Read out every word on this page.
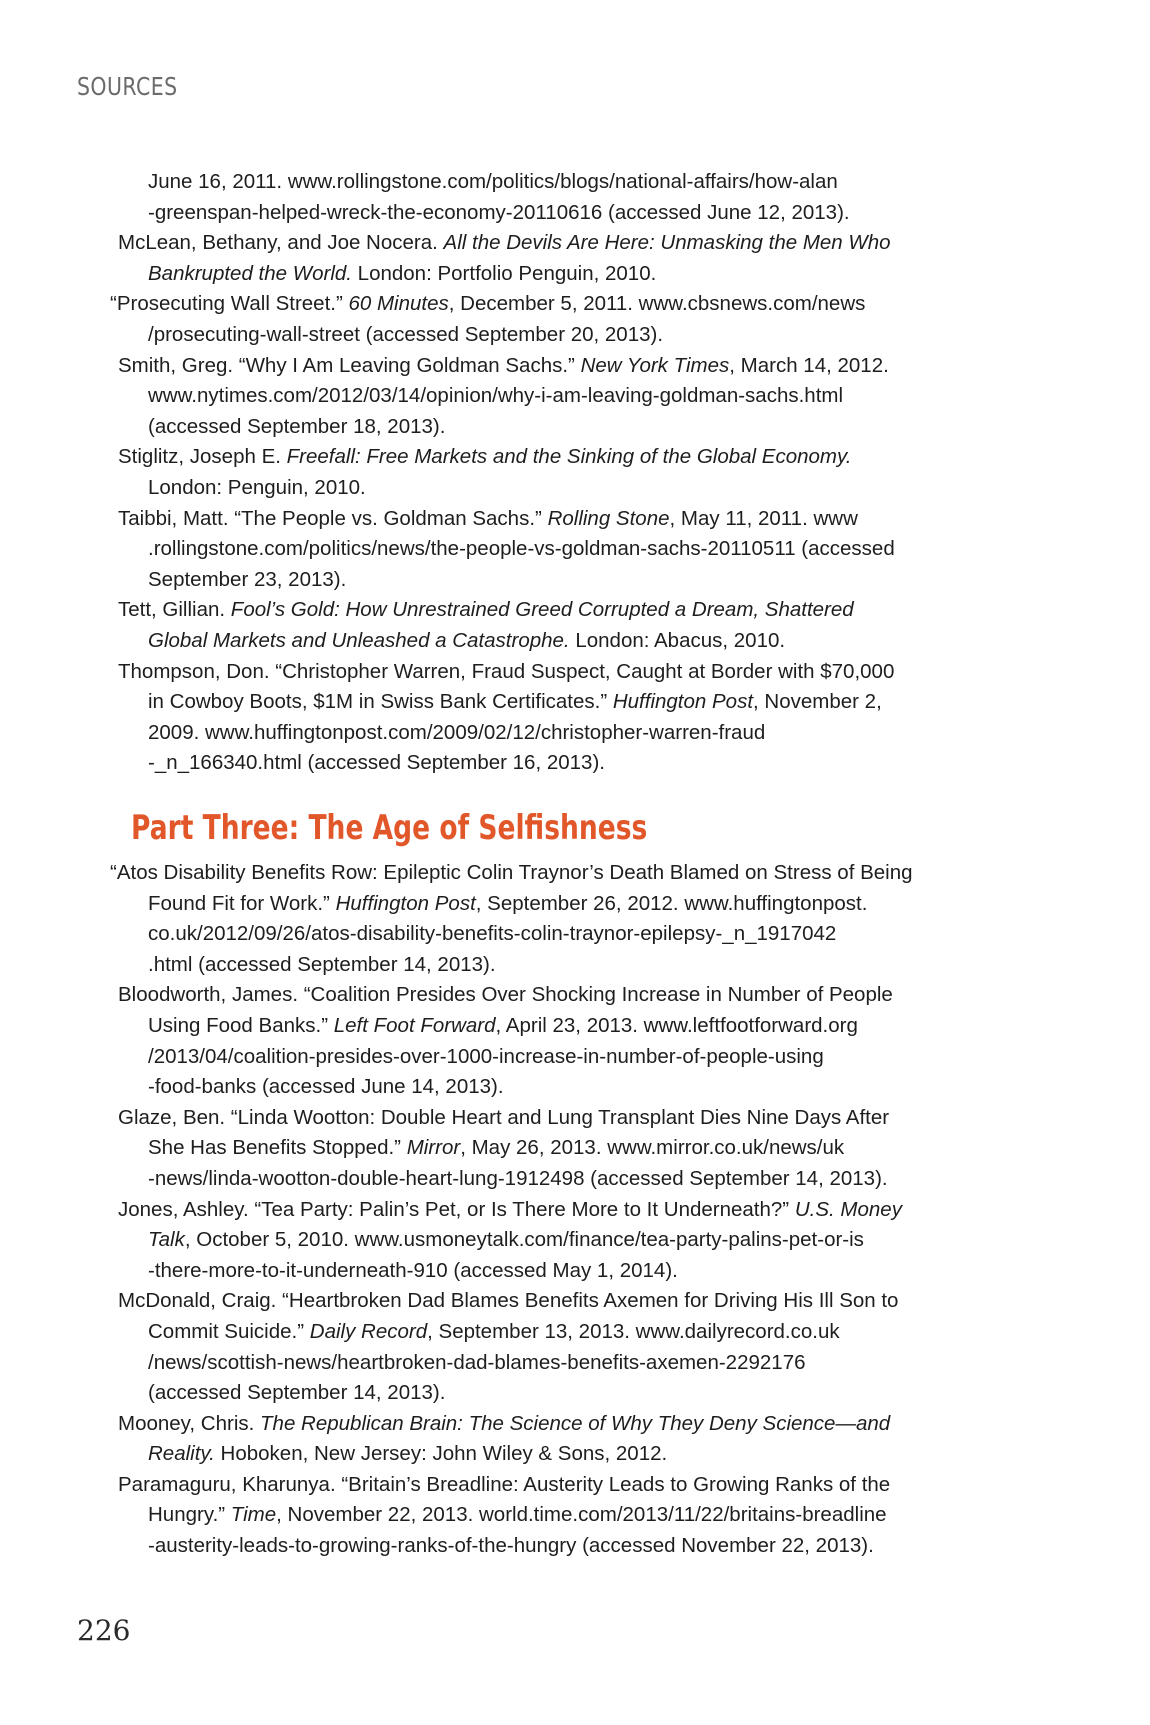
SOURCES
June 16, 2011. www.rollingstone.com/politics/blogs/national-affairs/how-alan
-greenspan-helped-wreck-the-economy-20110616 (accessed June 12, 2013).
McLean, Bethany, and Joe Nocera. All the Devils Are Here: Unmasking the Men Who
Bankrupted the World. London: Portfolio Penguin, 2010.
“Prosecuting Wall Street.” 60 Minutes, December 5, 2011. www.cbsnews.com/news
/prosecuting-wall-street (accessed September 20, 2013).
Smith, Greg. “Why I Am Leaving Goldman Sachs.” New York Times, March 14, 2012.
www.nytimes.com/2012/03/14/opinion/why-i-am-leaving-goldman-sachs.html
(accessed September 18, 2013).
Stiglitz, Joseph E. Freefall: Free Markets and the Sinking of the Global Economy.
London: Penguin, 2010.
Taibbi, Matt. “The People vs. Goldman Sachs.” Rolling Stone, May 11, 2011. www
.rollingstone.com/politics/news/the-people-vs-goldman-sachs-20110511 (accessed
September 23, 2013).
Tett, Gillian. Fool’s Gold: How Unrestrained Greed Corrupted a Dream, Shattered
Global Markets and Unleashed a Catastrophe. London: Abacus, 2010.
Thompson, Don. “Christopher Warren, Fraud Suspect, Caught at Border with $70,000
in Cowboy Boots, $1M in Swiss Bank Certificates.” Huffington Post, November 2,
2009. www.huffingtonpost.com/2009/02/12/christopher-warren-fraud
-_n_166340.html (accessed September 16, 2013).
Part Three: The Age of Selfishness
“Atos Disability Benefits Row: Epileptic Colin Traynor’s Death Blamed on Stress of Being
Found Fit for Work.” Huffington Post, September 26, 2012. www.huffingtonpost.
co.uk/2012/09/26/atos-disability-benefits-colin-traynor-epilepsy-_n_1917042
.html (accessed September 14, 2013).
Bloodworth, James. “Coalition Presides Over Shocking Increase in Number of People
Using Food Banks.” Left Foot Forward, April 23, 2013. www.leftfootforward.org
/2013/04/coalition-presides-over-1000-increase-in-number-of-people-using
-food-banks (accessed June 14, 2013).
Glaze, Ben. “Linda Wootton: Double Heart and Lung Transplant Dies Nine Days After
She Has Benefits Stopped.” Mirror, May 26, 2013. www.mirror.co.uk/news/uk
-news/linda-wootton-double-heart-lung-1912498 (accessed September 14, 2013).
Jones, Ashley. “Tea Party: Palin’s Pet, or Is There More to It Underneath?” U.S. Money
Talk, October 5, 2010. www.usmoneytalk.com/finance/tea-party-palins-pet-or-is
-there-more-to-it-underneath-910 (accessed May 1, 2014).
McDonald, Craig. “Heartbroken Dad Blames Benefits Axemen for Driving His Ill Son to
Commit Suicide.” Daily Record, September 13, 2013. www.dailyrecord.co.uk
/news/scottish-news/heartbroken-dad-blames-benefits-axemen-2292176
(accessed September 14, 2013).
Mooney, Chris. The Republican Brain: The Science of Why They Deny Science—and
Reality. Hoboken, New Jersey: John Wiley & Sons, 2012.
Paramaguru, Kharunya. “Britain’s Breadline: Austerity Leads to Growing Ranks of the
Hungry.” Time, November 22, 2013. world.time.com/2013/11/22/britains-breadline
-austerity-leads-to-growing-ranks-of-the-hungry (accessed November 22, 2013).
226
